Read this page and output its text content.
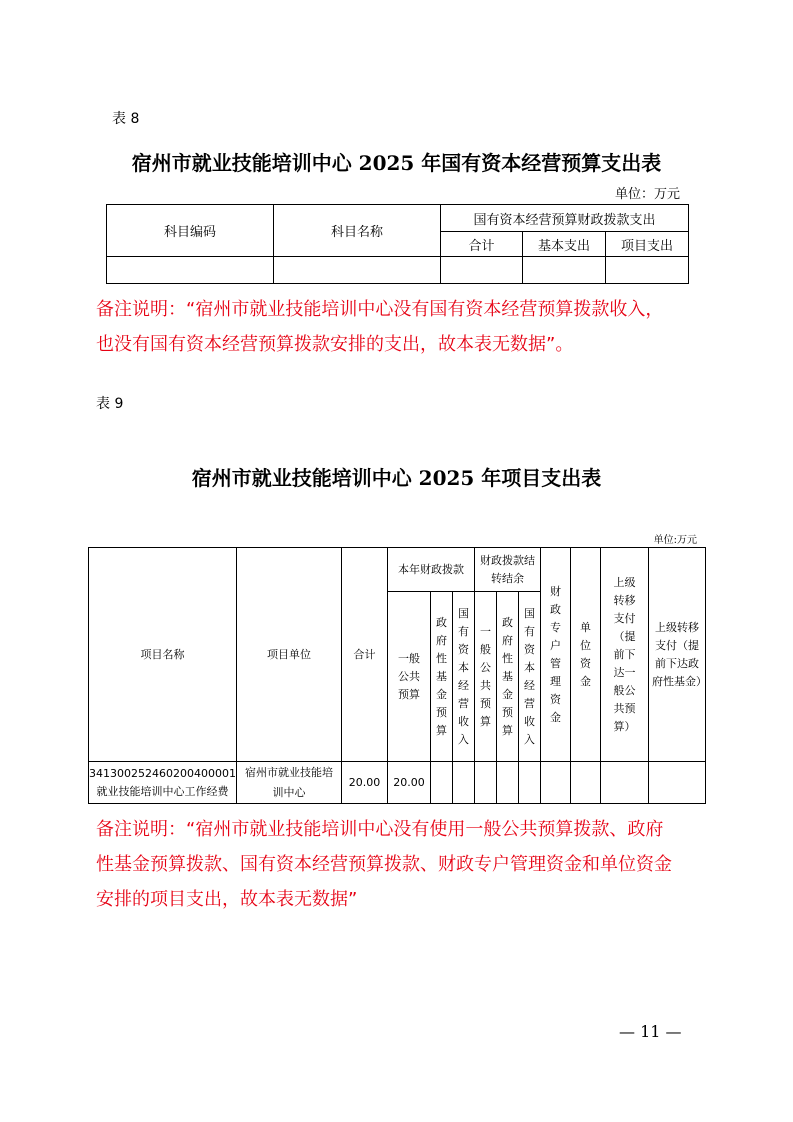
表 8
宿州市就业技能培训中心 2025 年国有资本经营预算支出表
单位：万元
科目编码	科目名称	国有资本经营预算财政拨款支出		
		合计	基本支出	项目支出

备注说明：“宿州市就业技能培训中心没有国有资本经营预算拨款收入，
也没有国有资本经营预算拨款安排的支出，故本表无数据”。
表 9
宿州市就业技能培训中心 2025 年项目支出表
单位:万元
项目名称	项目单位	合计	本年财政拨款			财政拨款结转结余			财政专户管理资金	单位资金	上级转移支付（提前下达一般公共预算）	上级转移支付（提前下达政府性基金）
			一般公共预算	政府性基金预算	国有资本经营收入	一般公共预算	政府性基金预算	国有资本经营收入				

341300252460200400001
就业技能培训中心工作经费	宿州市就业技能培训中心	20.00	20.00									
备注说明：“宿州市就业技能培训中心没有使用一般公共预算拨款、政府
性基金预算拨款、国有资本经营预算拨款、财政专户管理资金和单位资金
安排的项目支出，故本表无数据”
— 11 —
